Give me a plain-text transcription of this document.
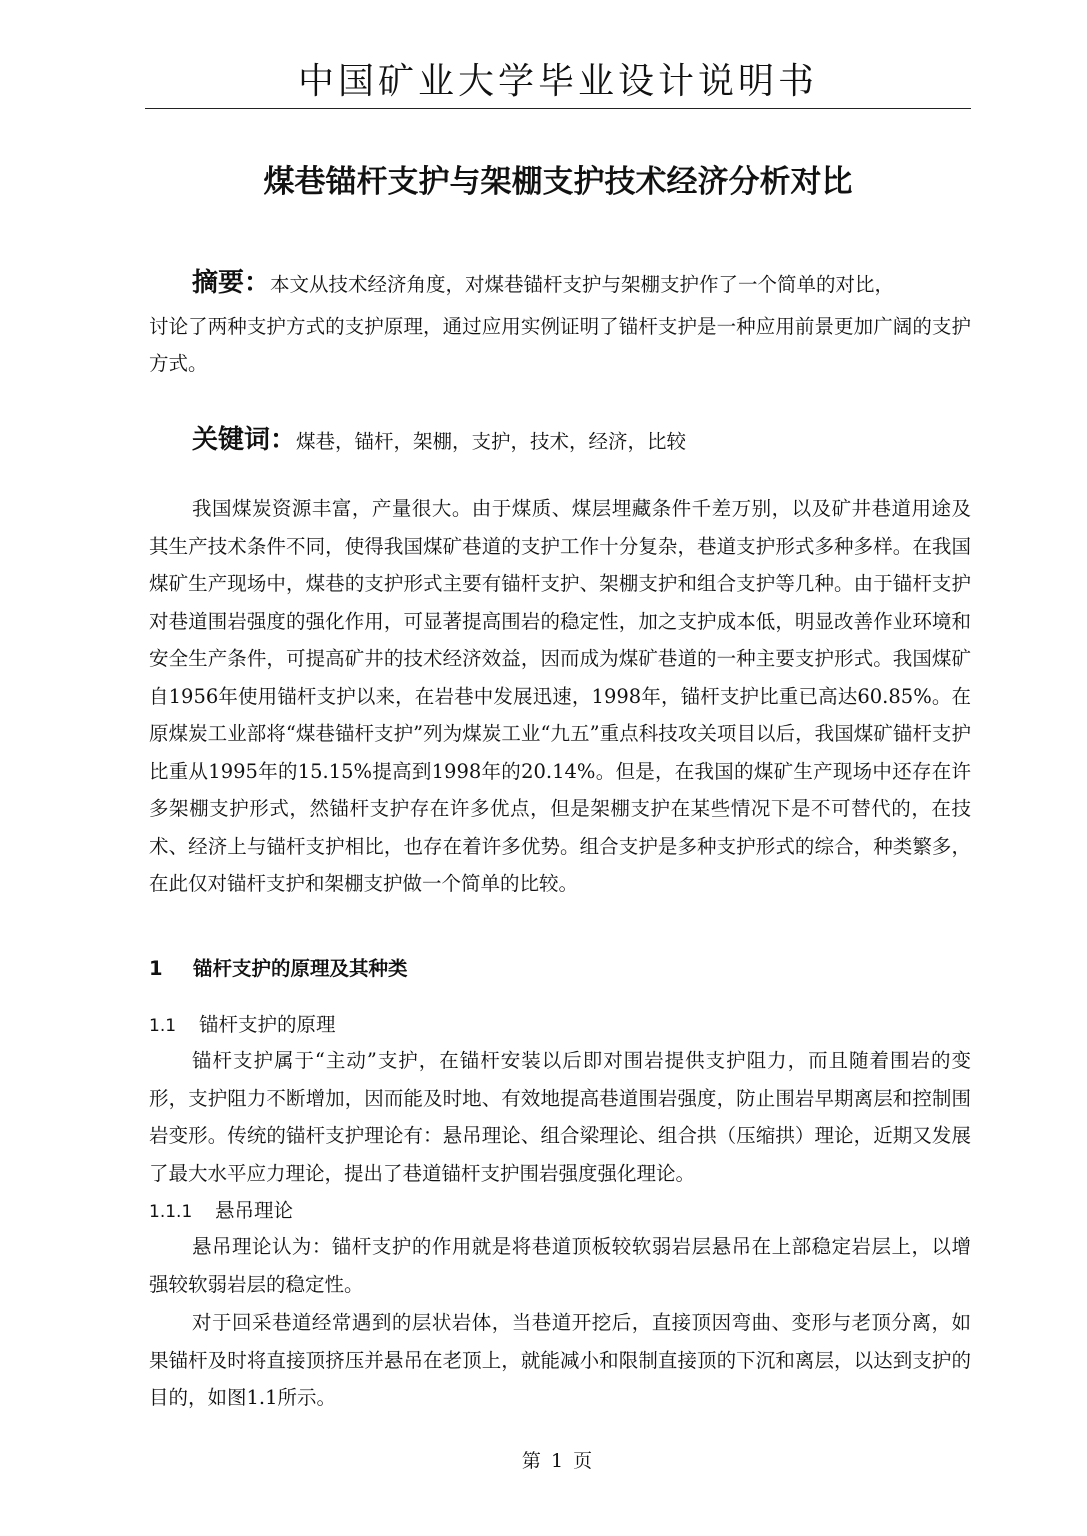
中国矿业大学毕业设计说明书
煤巷锚杆支护与架棚支护技术经济分析对比
摘要：本文从技术经济角度，对煤巷锚杆支护与架棚支护作了一个简单的对比，
讨论了两种支护方式的支护原理，通过应用实例证明了锚杆支护是一种应用前景更加广阔的支护方式。
关键词：煤巷，锚杆，架棚，支护，技术，经济，比较
我国煤炭资源丰富，产量很大。由于煤质、煤层埋藏条件千差万别，以及矿井巷道用途及其生产技术条件不同，使得我国煤矿巷道的支护工作十分复杂，巷道支护形式多种多样。在我国煤矿生产现场中，煤巷的支护形式主要有锚杆支护、架棚支护和组合支护等几种。由于锚杆支护对巷道围岩强度的强化作用，可显著提高围岩的稳定性，加之支护成本低，明显改善作业环境和安全生产条件，可提高矿井的技术经济效益，因而成为煤矿巷道的一种主要支护形式。我国煤矿自1956年使用锚杆支护以来，在岩巷中发展迅速，1998年，锚杆支护比重已高达60.85%。在原煤炭工业部将“煤巷锚杆支护”列为煤炭工业“九五”重点科技攻关项目以后，我国煤矿锚杆支护比重从1995年的15.15%提高到1998年的20.14%。但是，在我国的煤矿生产现场中还存在许多架棚支护形式，然锚杆支护存在许多优点，但是架棚支护在某些情况下是不可替代的，在技术、经济上与锚杆支护相比，也存在着许多优势。组合支护是多种支护形式的综合，种类繁多，在此仅对锚杆支护和架棚支护做一个简单的比较。
1 锚杆支护的原理及其种类
1.1 锚杆支护的原理
锚杆支护属于“主动”支护，在锚杆安装以后即对围岩提供支护阻力，而且随着围岩的变形，支护阻力不断增加，因而能及时地、有效地提高巷道围岩强度，防止围岩早期离层和控制围岩变形。传统的锚杆支护理论有：悬吊理论、组合梁理论、组合拱（压缩拱）理论，近期又发展了最大水平应力理论，提出了巷道锚杆支护围岩强度强化理论。
1.1.1 悬吊理论
悬吊理论认为：锚杆支护的作用就是将巷道顶板较软弱岩层悬吊在上部稳定岩层上，以增强较软弱岩层的稳定性。
对于回采巷道经常遇到的层状岩体，当巷道开挖后，直接顶因弯曲、变形与老顶分离，如果锚杆及时将直接顶挤压并悬吊在老顶上，就能减小和限制直接顶的下沉和离层，以达到支护的目的，如图1.1所示。
第 1 页
